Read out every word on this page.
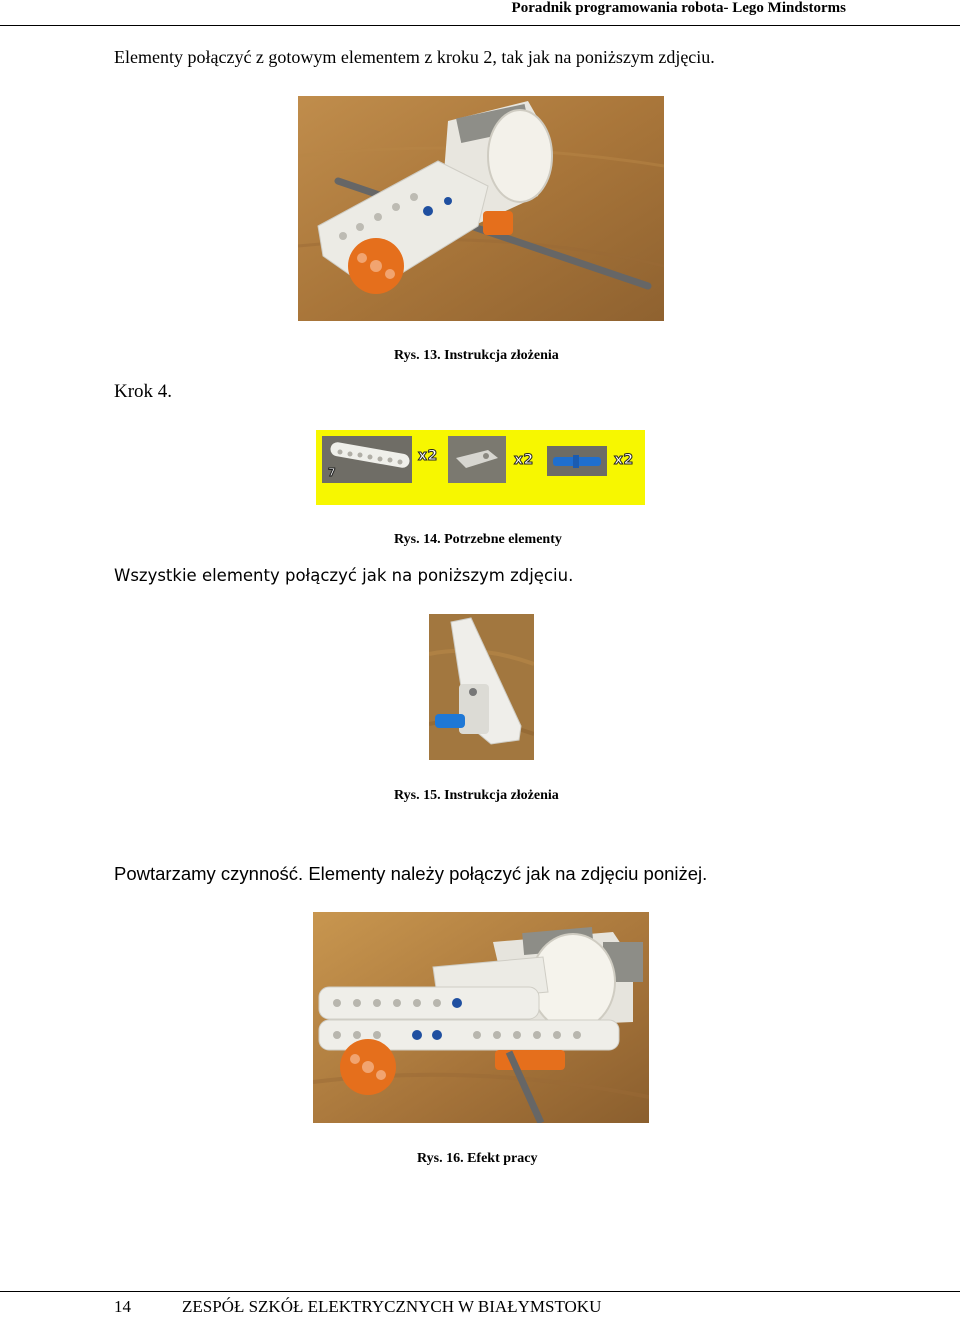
Poradnik programowania robota- Lego Mindstorms
Elementy połączyć z gotowym elementem z kroku 2, tak jak na poniższym zdjęciu.
Rys. 13. Instrukcja złożenia
Krok 4.
7
x2	x2	x2
Rys. 14. Potrzebne elementy
Wszystkie elementy połączyć jak na poniższym zdjęciu.
Rys. 15. Instrukcja złożenia
Powtarzamy czynność. Elementy należy połączyć jak na zdjęciu poniżej.
Rys. 16. Efekt pracy
14	ZESPÓŁ SZKÓŁ ELEKTRYCZNYCH W BIAŁYMSTOKU
